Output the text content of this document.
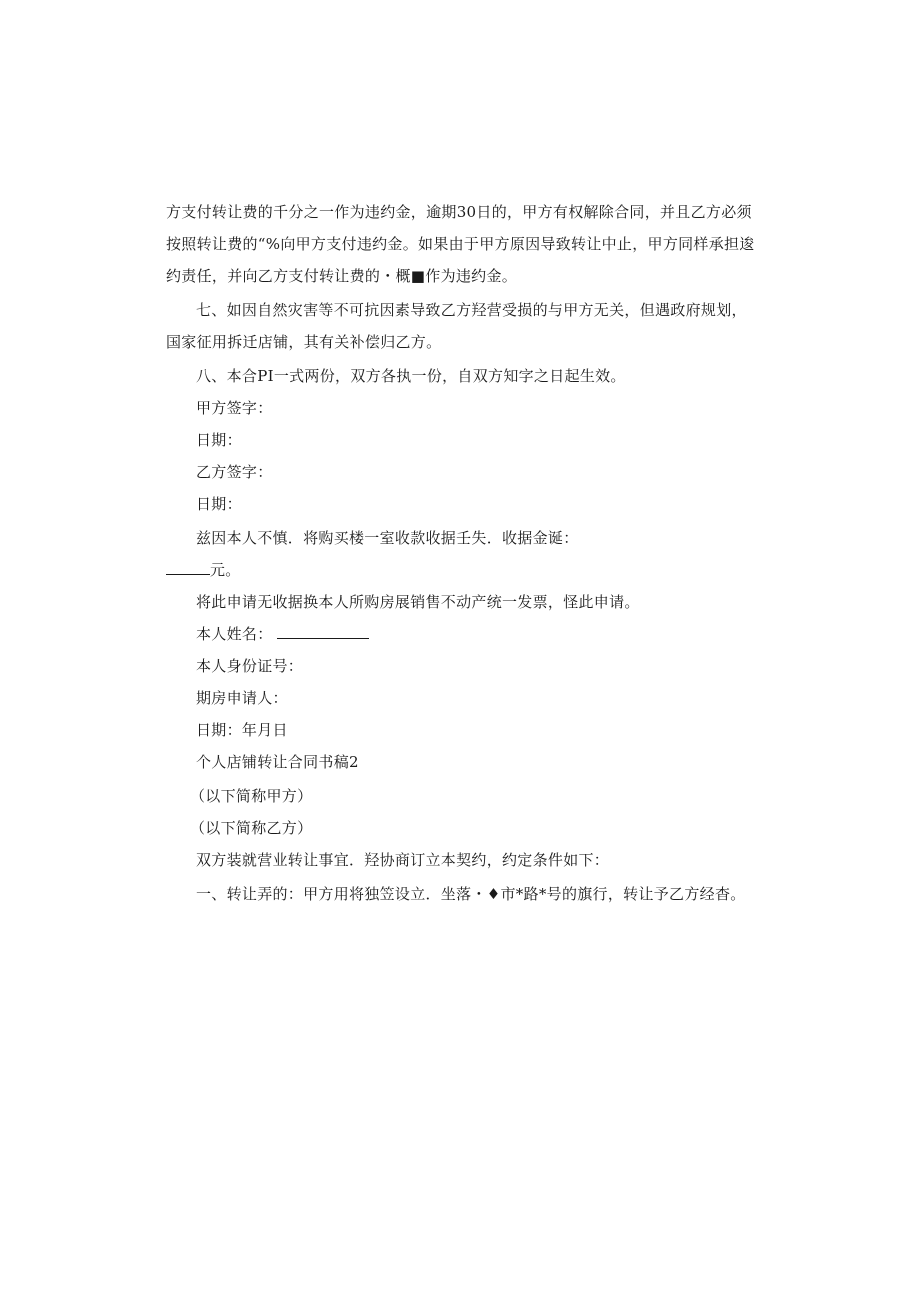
方支付转让费的千分之一作为违约金，逾期30日的，甲方有权解除合同，并且乙方必须
按照转让费的“%向甲方支付违约金。如果由于甲方原因导致转让中止，甲方同样承担逡
约责任，并向乙方支付转让费的・概■作为违约金。
七、如因自然灾害等不可抗因素导致乙方羟营受损的与甲方无关，但遇政府规划，
国家征用拆迁店铺，其有关补偿归乙方。
八、本合PI一式两份，双方各执一份，自双方知字之日起生效。
甲方签字：
日期：
乙方签字：
日期：
兹因本人不慎．将购买楼一室收款收据壬失．收据金诞：
元。
将此申请无收据换本人所购房展销售不动产统一发票，怪此申请。
本人姓名：
本人身份证号：
期房申请人：
日期：年月日
个人店铺转让合同书稿2
（以下简称甲方）
（以下简称乙方）
双方装就营业转让事宜．羟协商订立本契约，约定条件如下：
一、转让弄的：甲方用将独笠设立．坐落・♦市*路*号的旗行，转让予乙方经杳。
